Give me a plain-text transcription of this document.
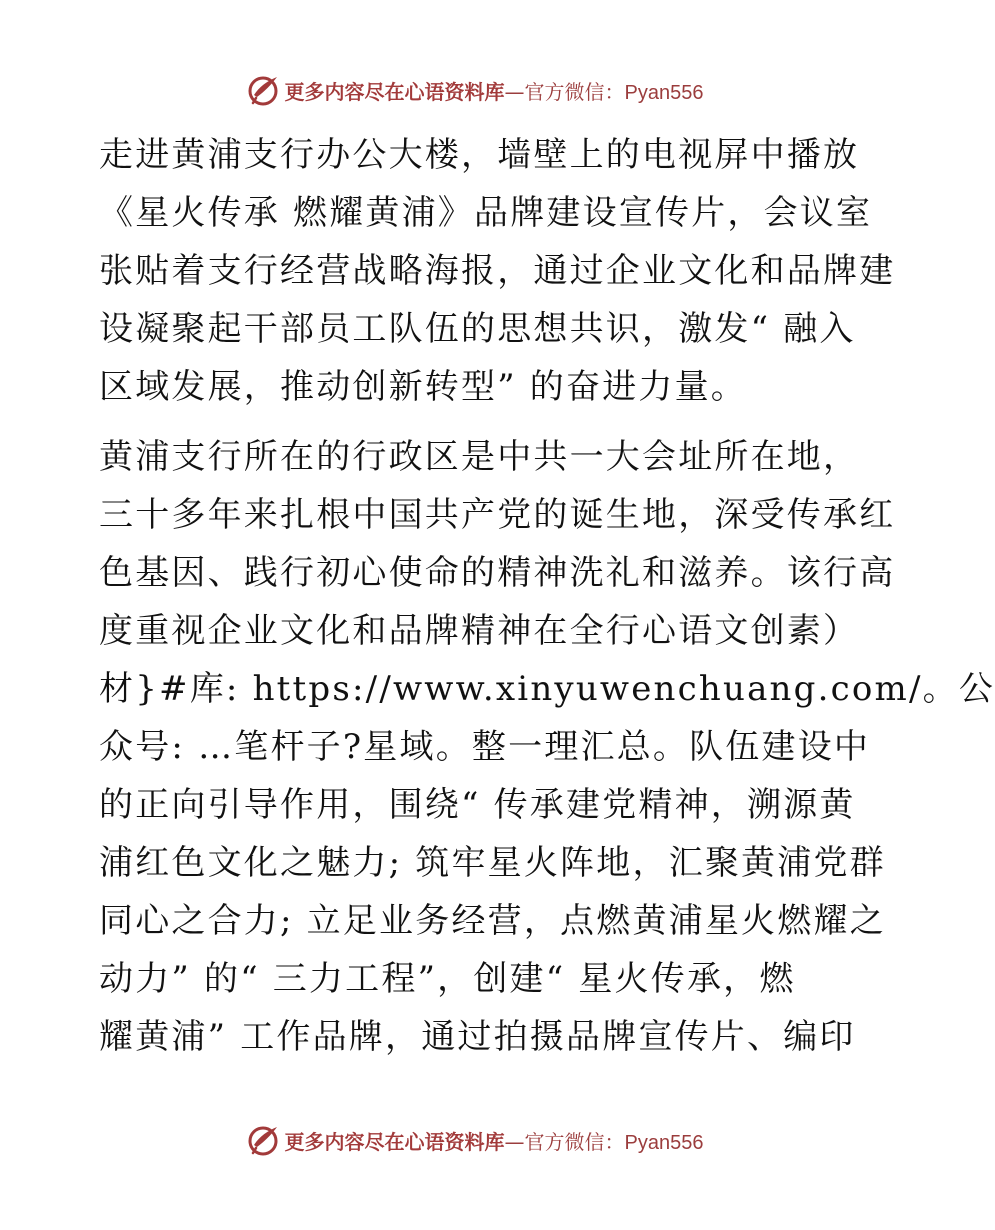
更多内容尽在心语资料库—官方微信：Pyan556
走进黄浦支行办公大楼，墙壁上的电视屏中播放
《星火传承 燃耀黄浦》品牌建设宣传片，会议室
张贴着支行经营战略海报，通过企业文化和品牌建
设凝聚起干部员工队伍的思想共识，激发“ 融入
区域发展，推动创新转型” 的奋进力量。
黄浦支行所在的行政区是中共一大会址所在地，
三十多年来扎根中国共产党的诞生地，深受传承红
色基因、践行初心使命的精神洗礼和滋养。该行高
度重视企业文化和品牌精神在全行心语文创素）
材}#库: https://www.xinyuwenchuang.com/。公
众号: …笔杆子?星域。整一理汇总。队伍建设中
的正向引导作用，围绕“ 传承建党精神，溯源黄
浦红色文化之魅力; 筑牢星火阵地，汇聚黄浦党群
同心之合力; 立足业务经营，点燃黄浦星火燃耀之
动力” 的“ 三力工程”，创建“ 星火传承，燃
耀黄浦” 工作品牌，通过拍摄品牌宣传片、编印
更多内容尽在心语资料库—官方微信：Pyan556
